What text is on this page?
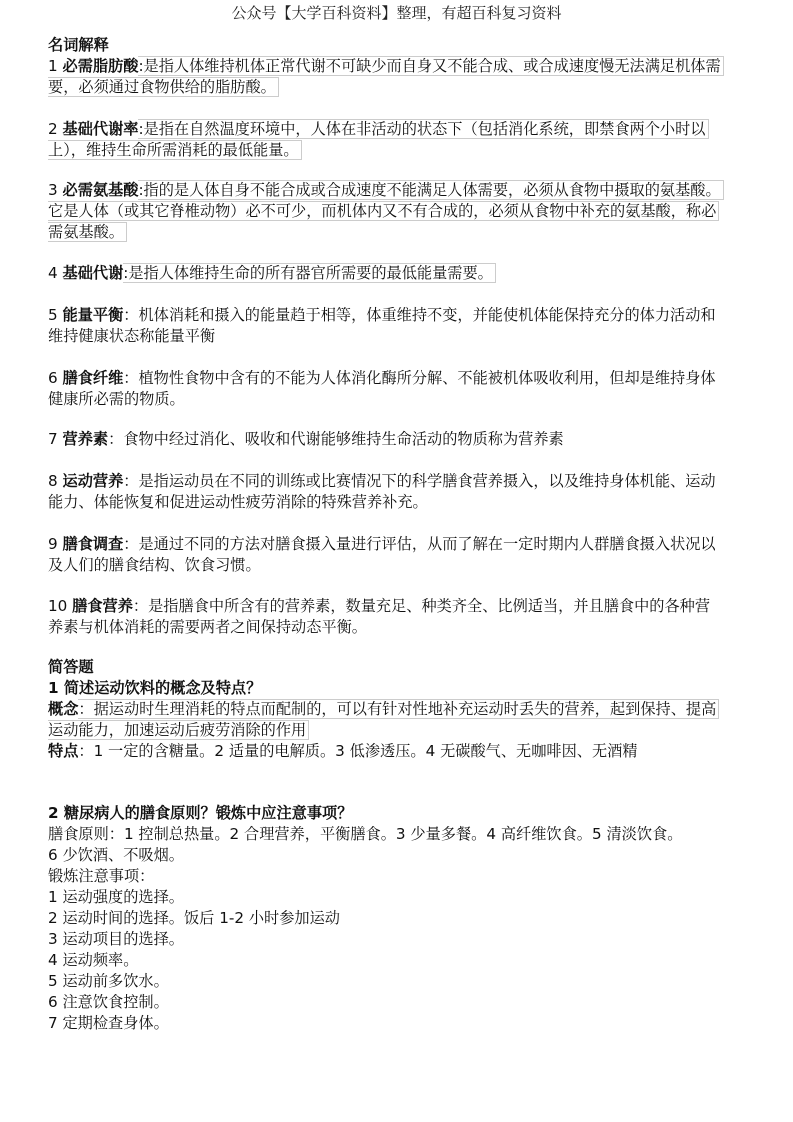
公众号【大学百科资料】整理，有超百科复习资料
名词解释
1 必需脂肪酸:是指人体维持机体正常代谢不可缺少而自身又不能合成、或合成速度慢无法满足机体需
要，必须通过食物供给的脂肪酸。
2 基础代谢率:是指在自然温度环境中，人体在非活动的状态下（包括消化系统，即禁食两个小时以
上），维持生命所需消耗的最低能量。
3 必需氨基酸:指的是人体自身不能合成或合成速度不能满足人体需要，必须从食物中摄取的氨基酸。
它是人体（或其它脊椎动物）必不可少，而机体内又不有合成的，必须从食物中补充的氨基酸，称必
需氨基酸。
4 基础代谢:是指人体维持生命的所有器官所需要的最低能量需要。
5 能量平衡：机体消耗和摄入的能量趋于相等，体重维持不变，并能使机体能保持充分的体力活动和
维持健康状态称能量平衡
6 膳食纤维：植物性食物中含有的不能为人体消化酶所分解、不能被机体吸收利用，但却是维持身体
健康所必需的物质。
7 营养素：食物中经过消化、吸收和代谢能够维持生命活动的物质称为营养素
8 运动营养：是指运动员在不同的训练或比赛情况下的科学膳食营养摄入，以及维持身体机能、运动
能力、体能恢复和促进运动性疲劳消除的特殊营养补充。
9 膳食调查：是通过不同的方法对膳食摄入量进行评估，从而了解在一定时期内人群膳食摄入状况以
及人们的膳食结构、饮食习惯。
10 膳食营养：是指膳食中所含有的营养素，数量充足、种类齐全、比例适当，并且膳食中的各种营
养素与机体消耗的需要两者之间保持动态平衡。
简答题
1 简述运动饮料的概念及特点？
概念：据运动时生理消耗的特点而配制的，可以有针对性地补充运动时丢失的营养，起到保持、提高
运动能力，加速运动后疲劳消除的作用
特点：1 一定的含糖量。2 适量的电解质。3 低渗透压。4 无碳酸气、无咖啡因、无酒精
2 糖尿病人的膳食原则？锻炼中应注意事项？
膳食原则：1 控制总热量。2 合理营养，平衡膳食。3 少量多餐。4 高纤维饮食。5 清淡饮食。
6 少饮酒、不吸烟。
锻炼注意事项：
1 运动强度的选择。
2 运动时间的选择。饭后 1-2 小时参加运动
3 运动项目的选择。
4 运动频率。
5 运动前多饮水。
6 注意饮食控制。
7 定期检查身体。
